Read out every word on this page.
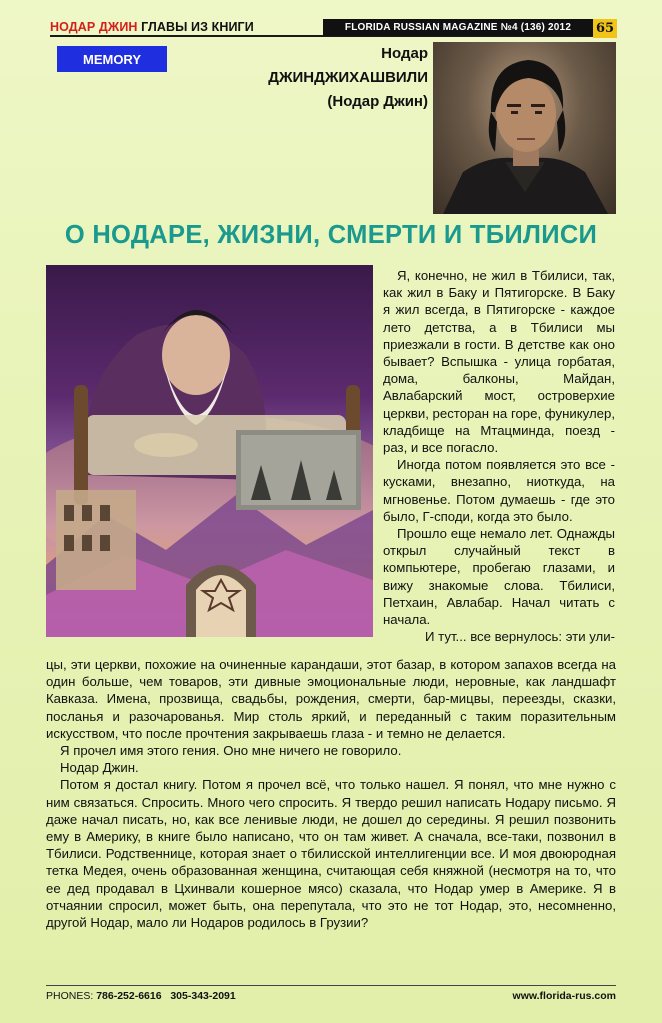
НОДАР ДЖИН ГЛАВЫ ИЗ КНИГИ	FLORIDA RUSSIAN MAGAZINE №4 (136) 2012	65
MEMORY	Нодар
ДЖИНДЖИХАШВИЛИ
(Нодар Джин)
О НОДАРЕ, ЖИЗНИ, СМЕРТИ И ТБИЛИСИ

Я, конечно, не жил в Тбилиси, так, как жил в Баку и Пятигорске. В Баку я жил всегда, в Пятигорске - каждое лето детства, а в Тбилиси мы приезжали в гости. В детстве как оно бывает? Вспышка - улица горбатая, дома, балконы, Майдан, Авлабарский мост, островерхие церкви, ресторан на горе, фуникулер, кладбище на Мтацминда, поезд - раз, и все погасло.

Иногда потом появляется это все - кусками, внезапно, ниоткуда, на мгновенье. Потом думаешь - где это было, Г-споди, когда это было.

Прошло еще немало лет. Однажды открыл случайный текст в компьютере, пробегаю глазами, и вижу знакомые слова. Тбилиси, Петхаин, Авлабар. Начал читать с начала.

И тут... все вернулось: эти ули-

цы, эти церкви, похожие на очиненные карандаши, этот базар, в котором запахов всегда на один больше, чем товаров, эти дивные эмоциональные люди, неровные, как ландшафт Кавказа. Имена, прозвища, свадьбы, рождения, смерти, бар-мицвы, переезды, сказки, посланья и разочарованья. Мир столь яркий, и переданный с таким поразительным искусством, что после прочтения закрываешь глаза - и темно не делается.

Я прочел имя этого гения. Оно мне ничего не говорило.

Нодар Джин.

Потом я достал книгу. Потом я прочел всё, что только нашел. Я понял, что мне нужно с ним связаться. Спросить. Много чего спросить. Я твердо решил написать Нодару письмо. Я даже начал писать, но, как все ленивые люди, не дошел до середины. Я решил позвонить ему в Америку, в книге было написано, что он там живет. А сначала, все-таки, позвонил в Тбилиси. Родственнице, которая знает о тбилисской интеллигенции все. И моя двоюродная тетка Медея, очень образованная женщина, считающая себя княжной (несмотря на то, что ее дед продавал в Цхинвали кошерное мясо) сказала, что Нодар умер в Америке. Я в отчаянии спросил, может быть, она перепутала, что это не тот Нодар, это, несомненно, другой Нодар, мало ли Нодаров родилось в Грузии?

PHONES: 786-252-6616 305-343-2091	www.florida-rus.com
